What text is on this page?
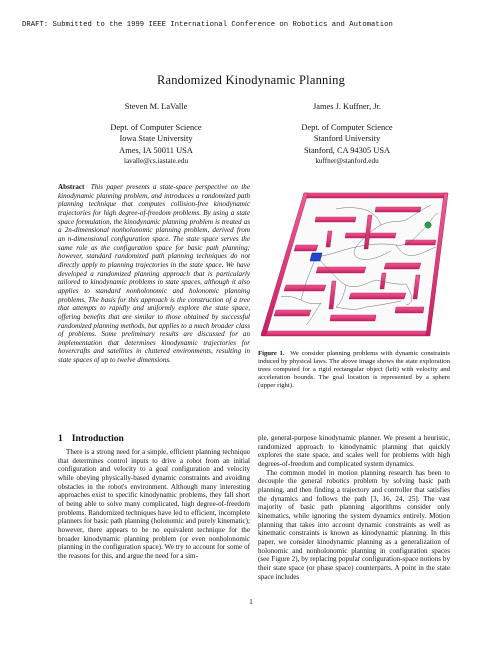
DRAFT: Submitted to the 1999 IEEE International Conference on Robotics and Automation
Randomized Kinodynamic Planning
Steven M. LaValle
Dept. of Computer Science
Iowa State University
Ames, IA 50011 USA
lavalle@cs.iastate.edu
James J. Kuffner, Jr.
Dept. of Computer Science
Stanford University
Stanford, CA 94305 USA
kuffner@stanford.edu
Abstract This paper presents a state-space perspective on the kinodynamic planning problem, and introduces a randomized path planning technique that computes collision-free kinodynamic trajectories for high degree-of-freedom problems. By using a state space formulation, the kinodynamic planning problem is treated as a 2n-dimensional nonholonomic planning problem, derived from an n-dimensional configuration space. The state space serves the same role as the configuration space for basic path planning; however, standard randomized path planning techniques do not directly apply to planning trajectories in the state space. We have developed a randomized planning approach that is particularly tailored to kinodynamic problems in state spaces, although it also applies to standard nonholonomic and holonomic planning problems. The basis for this approach is the construction of a tree that attempts to rapidly and uniformly explore the state space, offering benefits that are similar to those obtained by successful randomized planning methods, but applies to a much broader class of problems. Some preliminary results are discussed for an implementation that determines kinodynamic trajectories for hovercrafts and satellites in cluttered environments, resulting in state spaces of up to twelve dimensions.
1 Introduction

There is a strong need for a simple, efficient planning technique that determines control inputs to drive a robot from an initial configuration and velocity to a goal configuration and velocity while obeying physically-based dynamic constraints and avoiding obstacles in the robot's environment. Although many interesting approaches exist to specific kinodynamic problems, they fall short of being able to solve many complicated, high degree-of-freedom problems. Randomized techniques have led to efficient, incomplete planners for basic path planning (holonomic and purely kinematic); however, there appears to be no equivalent technique for the broader kinodynamic planning problem (or even nonholonomic planning in the configuration space). We try to account for some of the reasons for this, and argue the need for a sim-

Figure 1. We consider planning problems with dynamic constraints induced by physical laws. The above image shows the state exploration trees computed for a rigid rectangular object (left) with velocity and acceleration bounds. The goal location is represented by a sphere (upper right).

ple, general-purpose kinodynamic planner. We present a heuristic, randomized approach to kinodynamic planning that quickly explores the state space, and scales well for problems with high degrees-of-freedom and complicated system dynamics.

The common model in motion planning research has been to decouple the general robotics problem by solving basic path planning, and then finding a trajectory and controller that satisfies the dynamics and follows the path [3, 16, 24, 25]. The vast majority of basic path planning algorithms consider only kinematics, while ignoring the system dynamics entirely. Motion planning that takes into account dynamic constraints as well as kinematic constraints is known as kinodynamic planning. In this paper, we consider kinodynamic planning as a generalization of holonomic and nonholonomic planning in configuration spaces (see Figure 2), by replacing popular configuration-space notions by their state space (or phase space) counterparts. A point in the state space includes

1
